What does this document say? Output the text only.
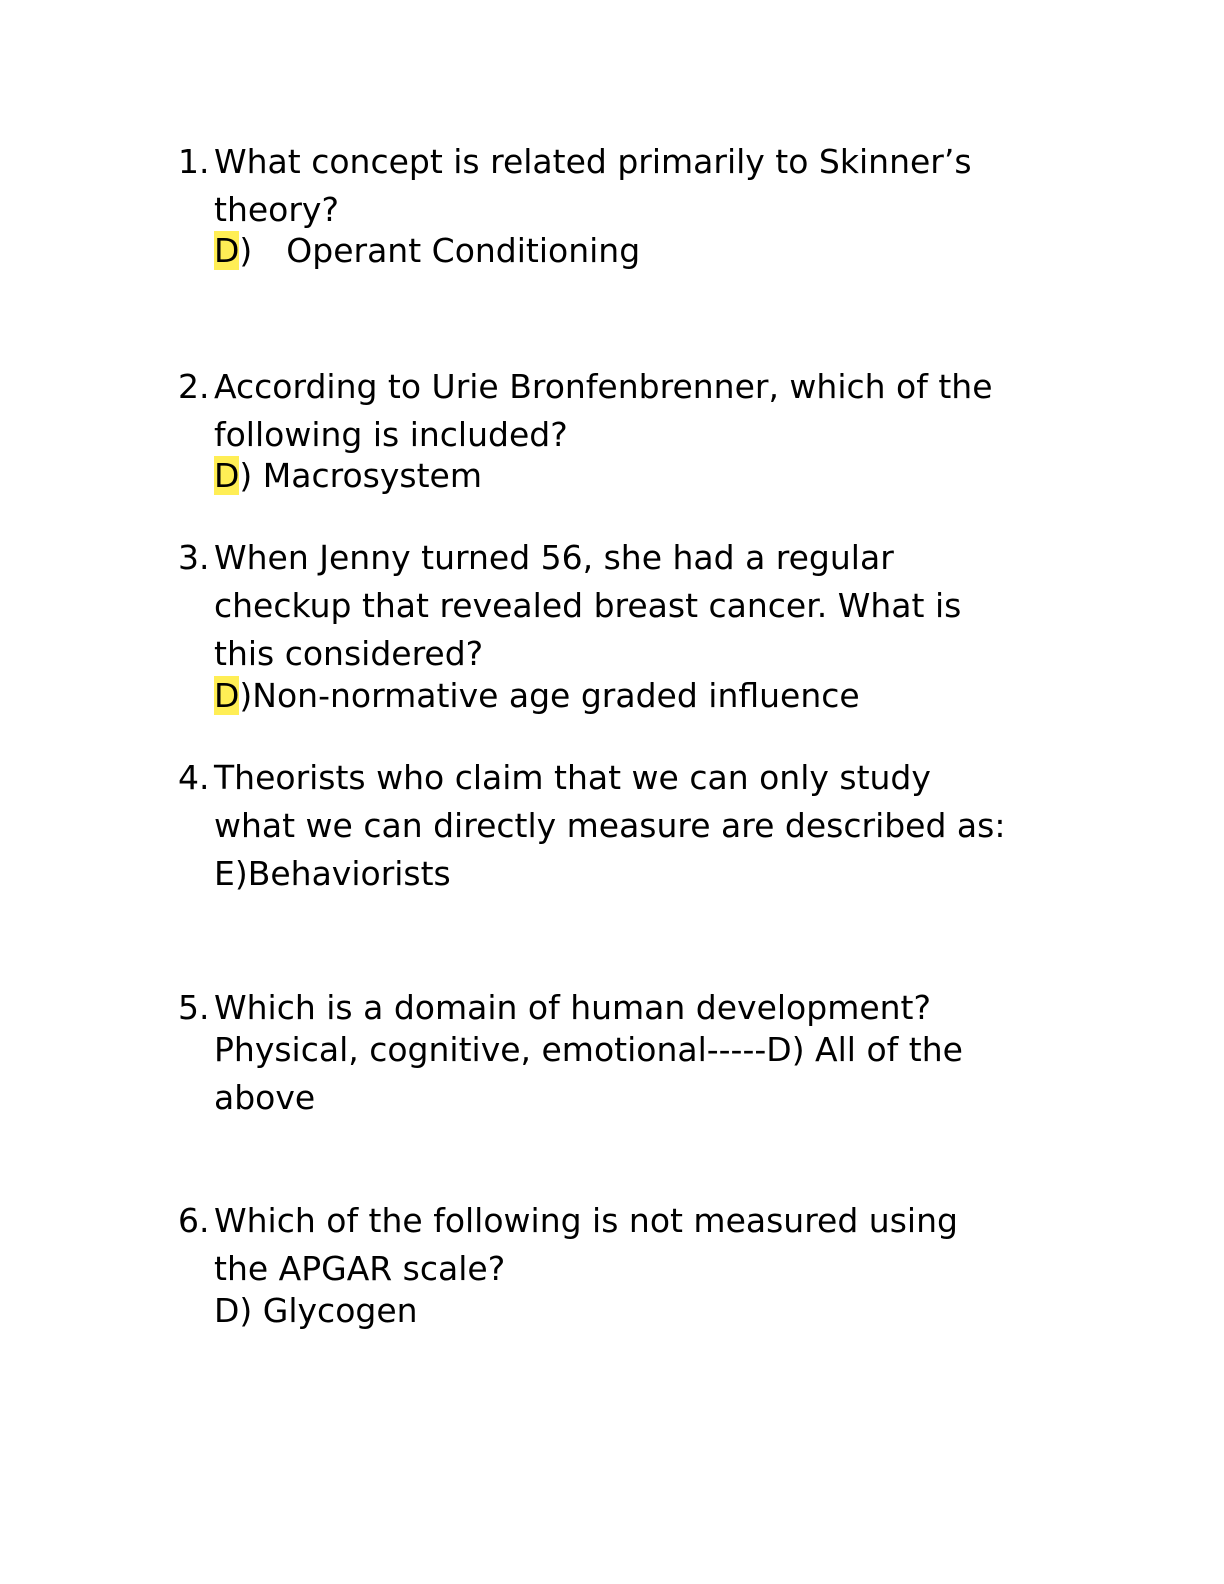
1. What concept is related primarily to Skinner’s
theory?
D) Operant Conditioning
2. According to Urie Bronfenbrenner, which of the
following is included?
D) Macrosystem
3. When Jenny turned 56, she had a regular
checkup that revealed breast cancer. What is
this considered?
D)Non-normative age graded influence
4. Theorists who claim that we can only study
what we can directly measure are described as:
E)Behaviorists
5. Which is a domain of human development?
Physical, cognitive, emotional-----D) All of the
above
6. Which of the following is not measured using
the APGAR scale?
D) Glycogen
